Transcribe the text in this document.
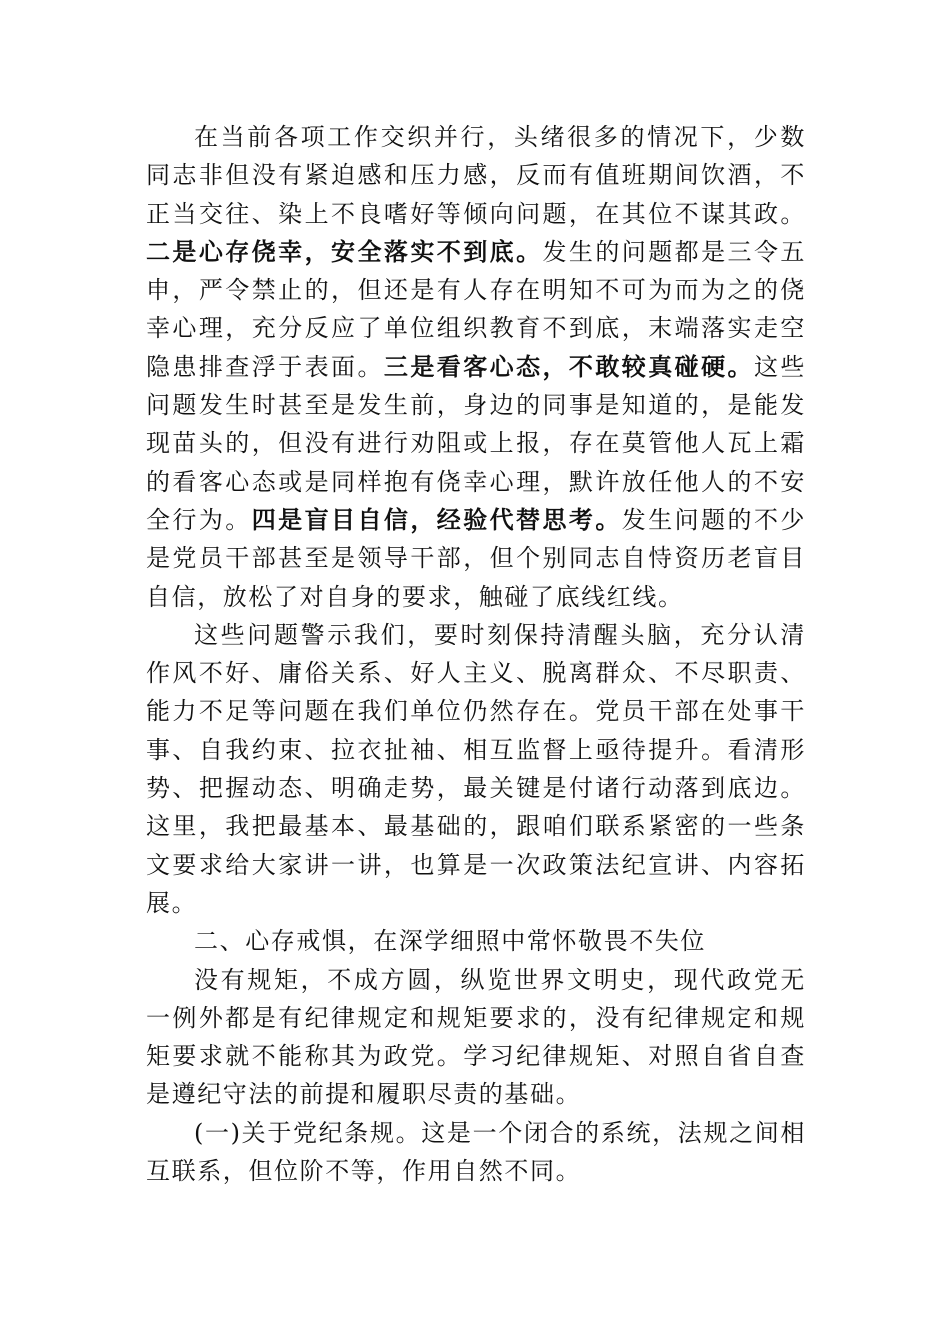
在当前各项工作交织并行，头绪很多的情况下，少数同志非但没有紧迫感和压力感，反而有值班期间饮酒，不正当交往、染上不良嗜好等倾向问题，在其位不谋其政。二是心存侥幸，安全落实不到底。发生的问题都是三令五申，严令禁止的，但还是有人存在明知不可为而为之的侥幸心理，充分反应了单位组织教育不到底，末端落实走空隐患排查浮于表面。三是看客心态，不敢较真碰硬。这些问题发生时甚至是发生前，身边的同事是知道的，是能发现苗头的，但没有进行劝阻或上报，存在莫管他人瓦上霜的看客心态或是同样抱有侥幸心理，默许放任他人的不安全行为。四是盲目自信，经验代替思考。发生问题的不少是党员干部甚至是领导干部，但个别同志自恃资历老盲目自信，放松了对自身的要求，触碰了底线红线。

这些问题警示我们，要时刻保持清醒头脑，充分认清作风不好、庸俗关系、好人主义、脱离群众、不尽职责、能力不足等问题在我们单位仍然存在。党员干部在处事干事、自我约束、拉衣扯袖、相互监督上亟待提升。看清形势、把握动态、明确走势，最关键是付诸行动落到底边。这里，我把最基本、最基础的，跟咱们联系紧密的一些条文要求给大家讲一讲，也算是一次政策法纪宣讲、内容拓展。

二、心存戒惧，在深学细照中常怀敬畏不失位

没有规矩，不成方圆，纵览世界文明史，现代政党无一例外都是有纪律规定和规矩要求的，没有纪律规定和规矩要求就不能称其为政党。学习纪律规矩、对照自省自查是遵纪守法的前提和履职尽责的基础。

(一)关于党纪条规。这是一个闭合的系统，法规之间相互联系，但位阶不等，作用自然不同。
